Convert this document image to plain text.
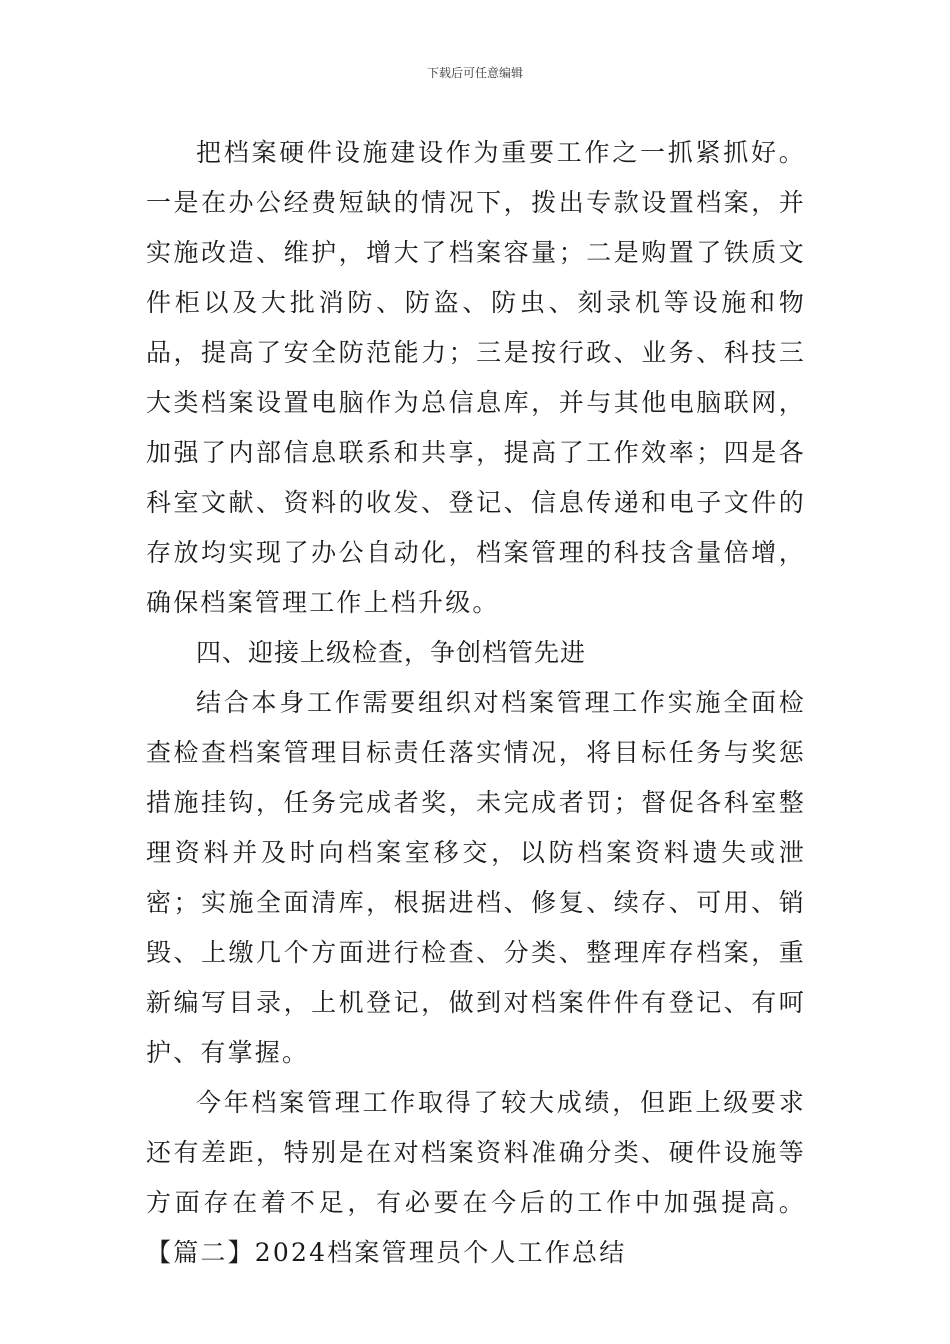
下载后可任意编辑

把档案硬件设施建设作为重要工作之一抓紧抓好。一是在办公经费短缺的情况下，拨出专款设置档案，并实施改造、维护，增大了档案容量；二是购置了铁质文件柜以及大批消防、防盗、防虫、刻录机等设施和物品，提高了安全防范能力；三是按行政、业务、科技三大类档案设置电脑作为总信息库，并与其他电脑联网，加强了内部信息联系和共享，提高了工作效率；四是各科室文献、资料的收发、登记、信息传递和电子文件的存放均实现了办公自动化，档案管理的科技含量倍增，确保档案管理工作上档升级。

四、迎接上级检查，争创档管先进

结合本身工作需要组织对档案管理工作实施全面检查检查档案管理目标责任落实情况，将目标任务与奖惩措施挂钩，任务完成者奖，未完成者罚；督促各科室整理资料并及时向档案室移交，以防档案资料遗失或泄密；实施全面清库，根据进档、修复、续存、可用、销毁、上缴几个方面进行检查、分类、整理库存档案，重新编写目录，上机登记，做到对档案件件有登记、有呵护、有掌握。

今年档案管理工作取得了较大成绩，但距上级要求还有差距，特别是在对档案资料准确分类、硬件设施等方面存在着不足，有必要在今后的工作中加强提高。【篇二】2024档案管理员个人工作总结
